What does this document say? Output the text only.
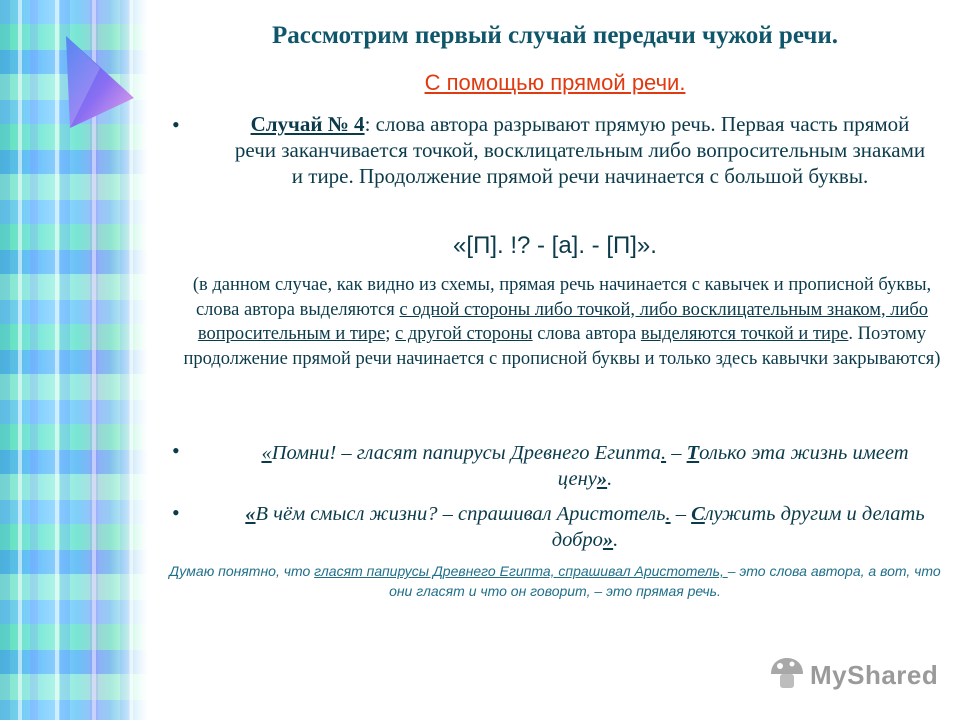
Рассмотрим первый случай передачи чужой речи.
С помощью прямой речи.
•	Случай № 4: слова автора разрывают прямую речь. Первая часть прямой речи заканчивается точкой, восклицательным либо вопросительным знаками и тире. Продолжение прямой речи начинается с большой буквы.
«[П]. !? - [а]. - [П]».
(в данном случае, как видно из схемы, прямая речь начинается с кавычек и прописной буквы, слова автора выделяются с одной стороны либо точкой, либо восклицательным знаком, либо вопросительным и тире; с другой стороны слова автора выделяются точкой и тире. Поэтому продолжение прямой речи начинается с прописной буквы и только здесь кавычки закрываются)
•	«Помни! – гласят папирусы Древнего Египта. – Только эта жизнь имеет цену».
•	«В чём смысл жизни? – спрашивал Аристотель. – Служить другим и делать добро».
Думаю понятно, что гласят папирусы Древнего Египта, спрашивал Аристотель, – это слова автора, а вот, что они гласят и что он говорит, – это прямая речь.
MyShared
